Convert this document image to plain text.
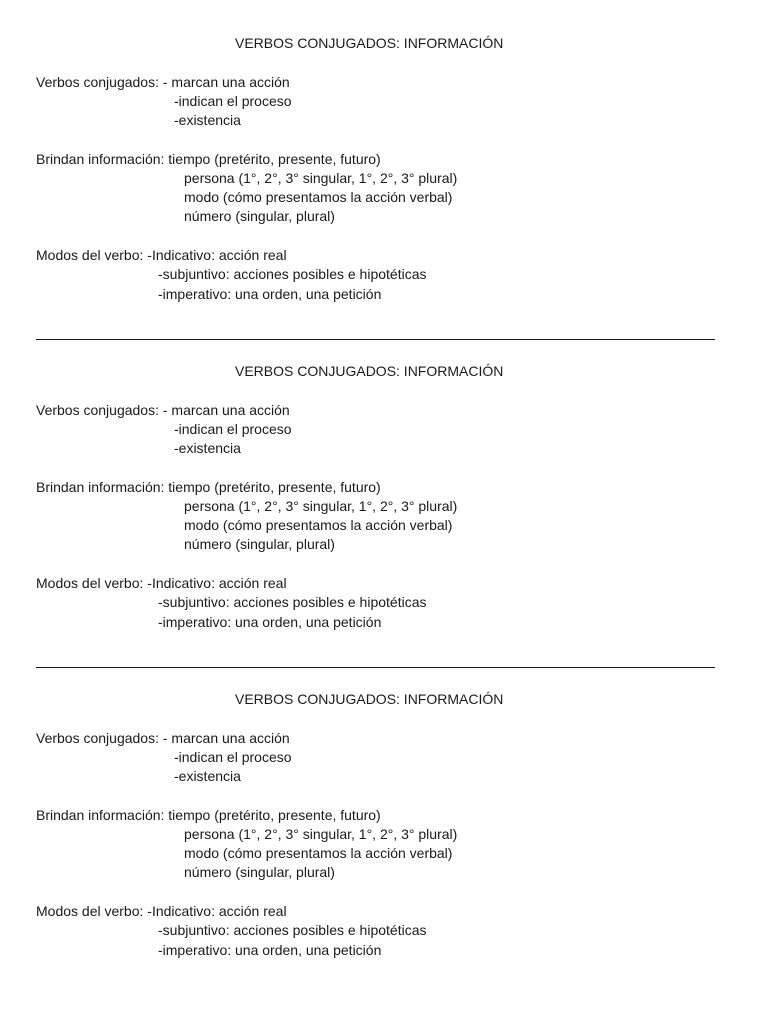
VERBOS CONJUGADOS: INFORMACIÓN
Verbos conjugados: - marcan una acción
-indican el proceso
-existencia
Brindan información: tiempo (pretérito, presente, futuro)
persona (1°, 2°, 3° singular, 1°, 2°, 3° plural)
modo (cómo presentamos la acción verbal)
número (singular, plural)
Modos del verbo: -Indicativo: acción real
-subjuntivo: acciones posibles e hipotéticas
-imperativo: una orden, una petición
VERBOS CONJUGADOS: INFORMACIÓN
Verbos conjugados: - marcan una acción
-indican el proceso
-existencia
Brindan información: tiempo (pretérito, presente, futuro)
persona (1°, 2°, 3° singular, 1°, 2°, 3° plural)
modo (cómo presentamos la acción verbal)
número (singular, plural)
Modos del verbo: -Indicativo: acción real
-subjuntivo: acciones posibles e hipotéticas
-imperativo: una orden, una petición
VERBOS CONJUGADOS: INFORMACIÓN
Verbos conjugados: - marcan una acción
-indican el proceso
-existencia
Brindan información: tiempo (pretérito, presente, futuro)
persona (1°, 2°, 3° singular, 1°, 2°, 3° plural)
modo (cómo presentamos la acción verbal)
número (singular, plural)
Modos del verbo: -Indicativo: acción real
-subjuntivo: acciones posibles e hipotéticas
-imperativo: una orden, una petición
